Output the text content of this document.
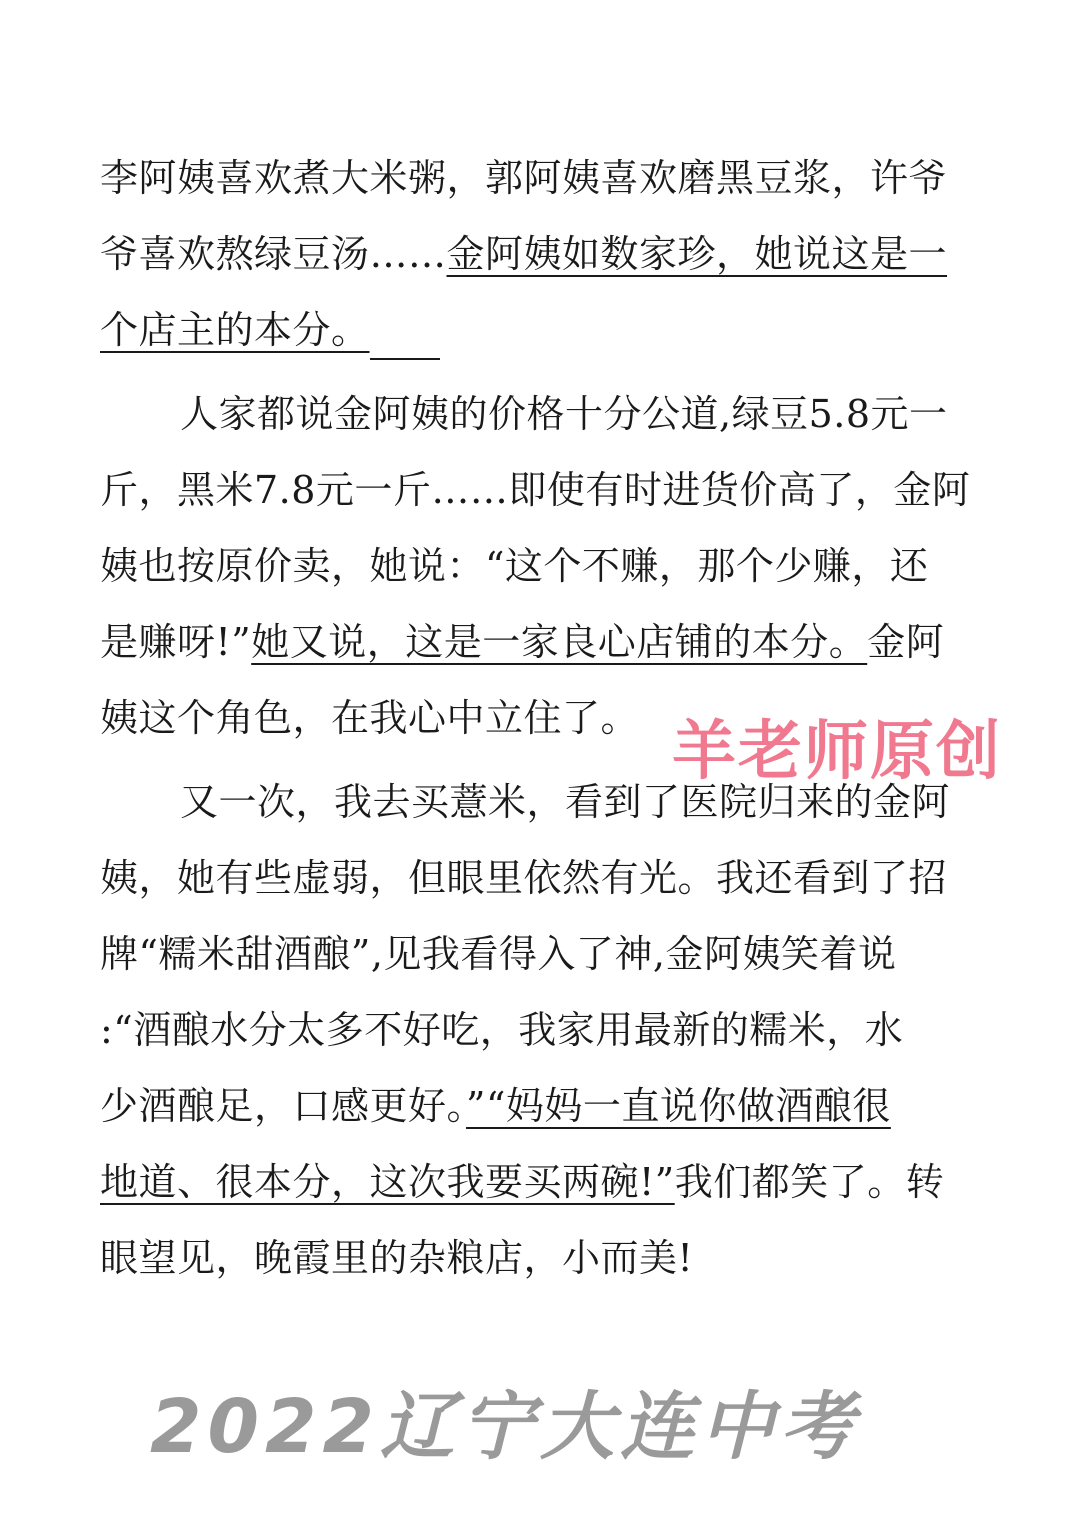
李阿姨喜欢煮大米粥，郭阿姨喜欢磨黑豆浆，许爷
爷喜欢熬绿豆汤……金阿姨如数家珍，她说这是一
个店主的本分。
人家都说金阿姨的价格十分公道,绿豆5.8元一
斤，黑米7.8元一斤……即使有时进货价高了，金阿
姨也按原价卖，她说：“这个不赚，那个少赚，还
是赚呀!”她又说，这是一家良心店铺的本分。金阿
姨这个角色，在我心中立住了。
又一次，我去买薏米，看到了医院归来的金阿
姨，她有些虚弱，但眼里依然有光。我还看到了招
牌“糯米甜酒酿”,见我看得入了神,金阿姨笑着说
:“酒酿水分太多不好吃，我家用最新的糯米，水
少酒酿足，口感更好。”“妈妈一直说你做酒酿很
地道、很本分，这次我要买两碗!”我们都笑了。转
眼望见，晚霞里的杂粮店，小而美!
羊老师原创
2022辽宁大连中考
